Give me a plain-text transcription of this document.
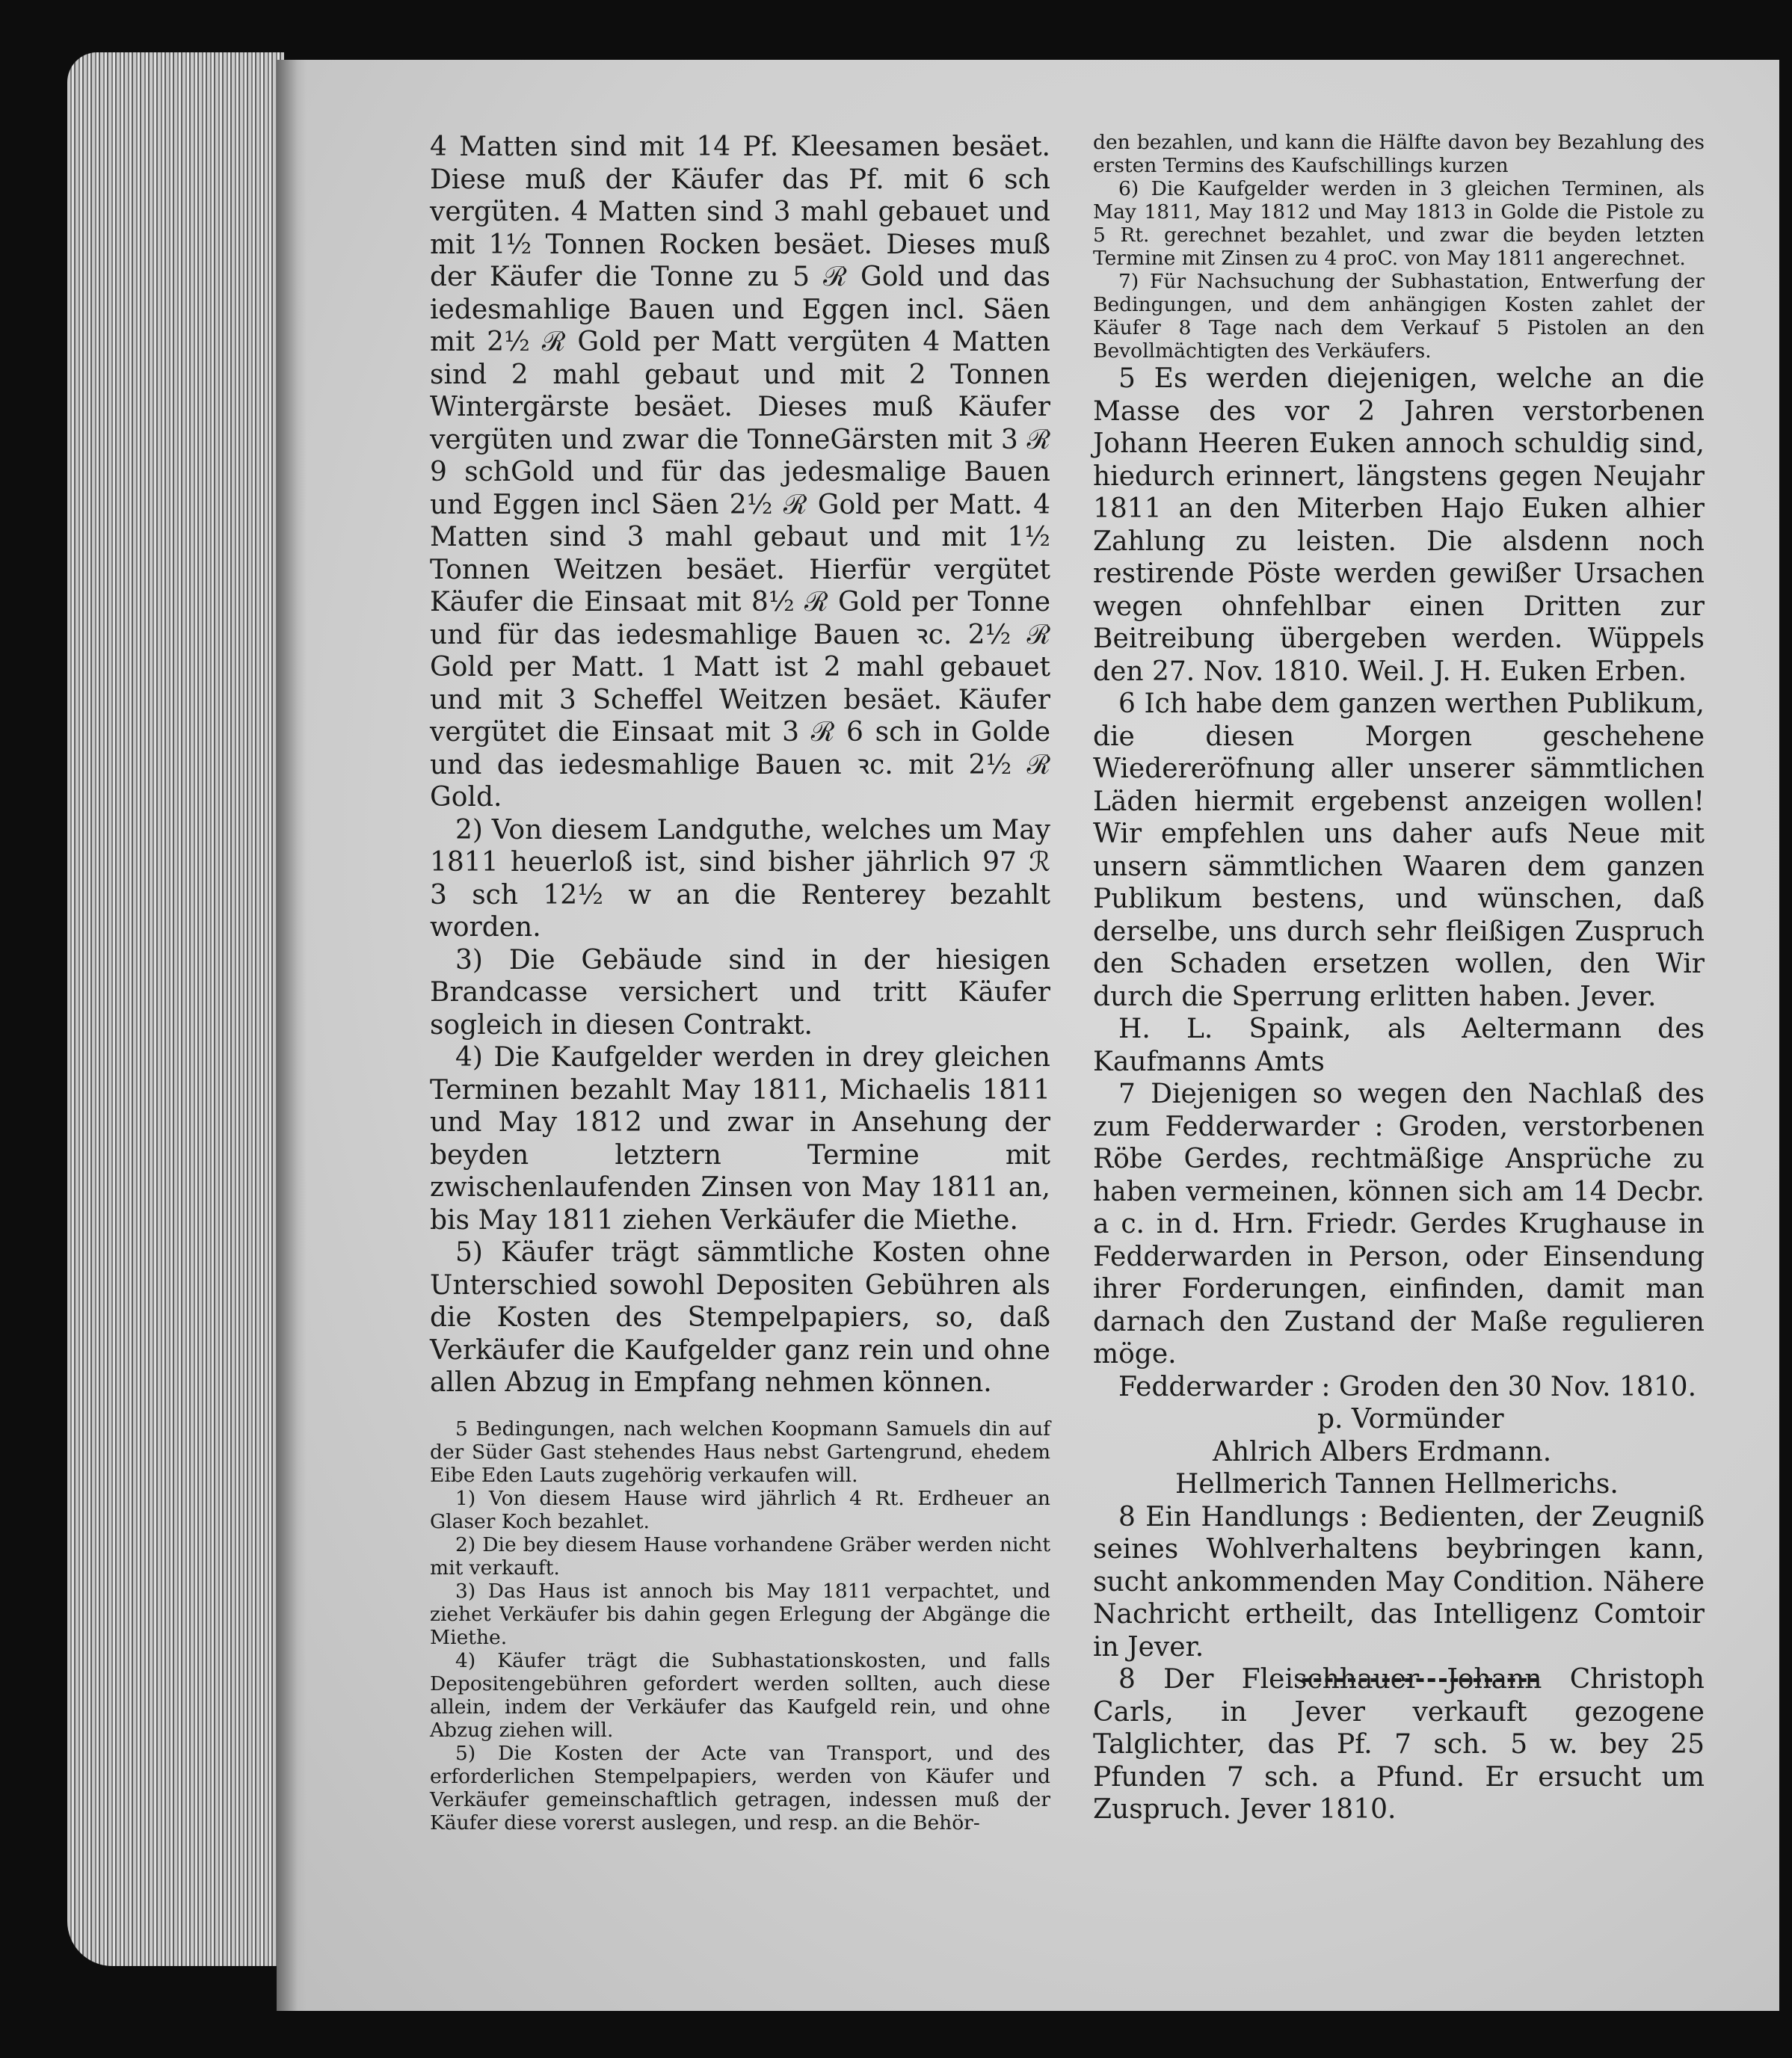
4 Matten sind mit 14 Pf. Kleesamen besäet. Diese muß der Käufer das Pf. mit 6 sch vergüten. 4 Matten sind 3 mahl gebauet und mit 1½ Tonnen Rocken besäet. Dieses muß der Käufer die Tonne zu 5 ℛ Gold und das iedesmahlige Bauen und Eggen incl. Säen mit 2½ ℛ Gold per Matt vergüten 4 Matten sind 2 mahl gebaut und mit 2 Tonnen Wintergärste besäet. Dieses muß Käufer vergüten und zwar die TonneGärsten mit 3 ℛ 9 schGold und für das jedesmalige Bauen und Eggen incl Säen 2½ ℛ Gold per Matt. 4 Matten sind 3 mahl gebaut und mit 1½ Tonnen Weitzen besäet. Hierfür vergütet Käufer die Einsaat mit 8½ ℛ Gold per Tonne und für das iedesmahlige Bauen ꝛc. 2½ ℛ Gold per Matt. 1 Matt ist 2 mahl gebauet und mit 3 Scheffel Weitzen besäet. Käufer vergütet die Einsaat mit 3 ℛ 6 sch in Golde und das iedesmahlige Bauen ꝛc. mit 2½ ℛ Gold.

2) Von diesem Landguthe, welches um May 1811 heuerloß ist, sind bisher jährlich 97 ℛ 3 sch 12½ w an die Renterey bezahlt worden.

3) Die Gebäude sind in der hiesigen Brandcasse versichert und tritt Käufer sogleich in diesen Contrakt.

4) Die Kaufgelder werden in drey gleichen Terminen bezahlt May 1811, Michaelis 1811 und May 1812 und zwar in Ansehung der beyden letztern Termine mit zwischenlaufenden Zinsen von May 1811 an, bis May 1811 ziehen Verkäufer die Miethe.

5) Käufer trägt sämmtliche Kosten ohne Unterschied sowohl Depositen Gebühren als die Kosten des Stempelpapiers, so, daß Verkäufer die Kaufgelder ganz rein und ohne allen Abzug in Empfang nehmen können.

5 Bedingungen, nach welchen Koopmann Samuels din auf der Süder Gast stehendes Haus nebst Gartengrund, ehedem Eibe Eden Lauts zugehörig verkaufen will.

1) Von diesem Hause wird jährlich 4 Rt. Erdheuer an Glaser Koch bezahlet.

2) Die bey diesem Hause vorhandene Gräber werden nicht mit verkauft.

3) Das Haus ist annoch bis May 1811 verpachtet, und ziehet Verkäufer bis dahin gegen Erlegung der Abgänge die Miethe.

4) Käufer trägt die Subhastationskosten, und falls Depositengebühren gefordert werden sollten, auch diese allein, indem der Verkäufer das Kaufgeld rein, und ohne Abzug ziehen will.

5) Die Kosten der Acte van Transport, und des erforderlichen Stempelpapiers, werden von Käufer und Verkäufer gemeinschaftlich getragen, indessen muß der Käufer diese vorerst auslegen, und resp. an die Behör-

den bezahlen, und kann die Hälfte davon bey Bezahlung des ersten Termins des Kaufschillings kurzen

6) Die Kaufgelder werden in 3 gleichen Terminen, als May 1811, May 1812 und May 1813 in Golde die Pistole zu 5 Rt. gerechnet bezahlet, und zwar die beyden letzten Termine mit Zinsen zu 4 proC. von May 1811 angerechnet.

7) Für Nachsuchung der Subhastation, Entwerfung der Bedingungen, und dem anhängigen Kosten zahlet der Käufer 8 Tage nach dem Verkauf 5 Pistolen an den Bevollmächtigten des Verkäufers.

5 Es werden diejenigen, welche an die Masse des vor 2 Jahren verstorbenen Johann Heeren Euken annoch schuldig sind, hiedurch erinnert, längstens gegen Neujahr 1811 an den Miterben Hajo Euken alhier Zahlung zu leisten. Die alsdenn noch restirende Pöste werden gewißer Ursachen wegen ohnfehlbar einen Dritten zur Beitreibung übergeben werden. Wüppels den 27. Nov. 1810. Weil. J. H. Euken Erben.

6 Ich habe dem ganzen werthen Publikum, die diesen Morgen geschehene Wiedereröfnung aller unserer sämmtlichen Läden hiermit ergebenst anzeigen wollen! Wir empfehlen uns daher aufs Neue mit unsern sämmtlichen Waaren dem ganzen Publikum bestens, und wünschen, daß derselbe, uns durch sehr fleißigen Zuspruch den Schaden ersetzen wollen, den Wir durch die Sperrung erlitten haben. Jever.

H. L. Spaink, als Aeltermann des Kaufmanns Amts

7 Diejenigen so wegen den Nachlaß des zum Fedderwarder : Groden, verstorbenen Röbe Gerdes, rechtmäßige Ansprüche zu haben vermeinen, können sich am 14 Decbr. a c. in d. Hrn. Friedr. Gerdes Krughause in Fedderwarden in Person, oder Einsendung ihrer Forderungen, einfinden, damit man darnach den Zustand der Maße regulieren möge.

Fedderwarder : Groden den 30 Nov. 1810.

p. Vormünder

Ahlrich Albers Erdmann.

Hellmerich Tannen Hellmerichs.

8 Ein Handlungs : Bedienten, der Zeugniß seines Wohlverhaltens beybringen kann, sucht ankommenden May Condition. Nähere Nachricht ertheilt, das Intelligenz Comtoir in Jever.

8 Der Fleischhauer Johann Christoph Carls, in Jever verkauft gezogene Talglichter, das Pf. 7 sch. 5 w. bey 25 Pfunden 7 sch. a Pfund. Er ersucht um Zuspruch. Jever 1810.
